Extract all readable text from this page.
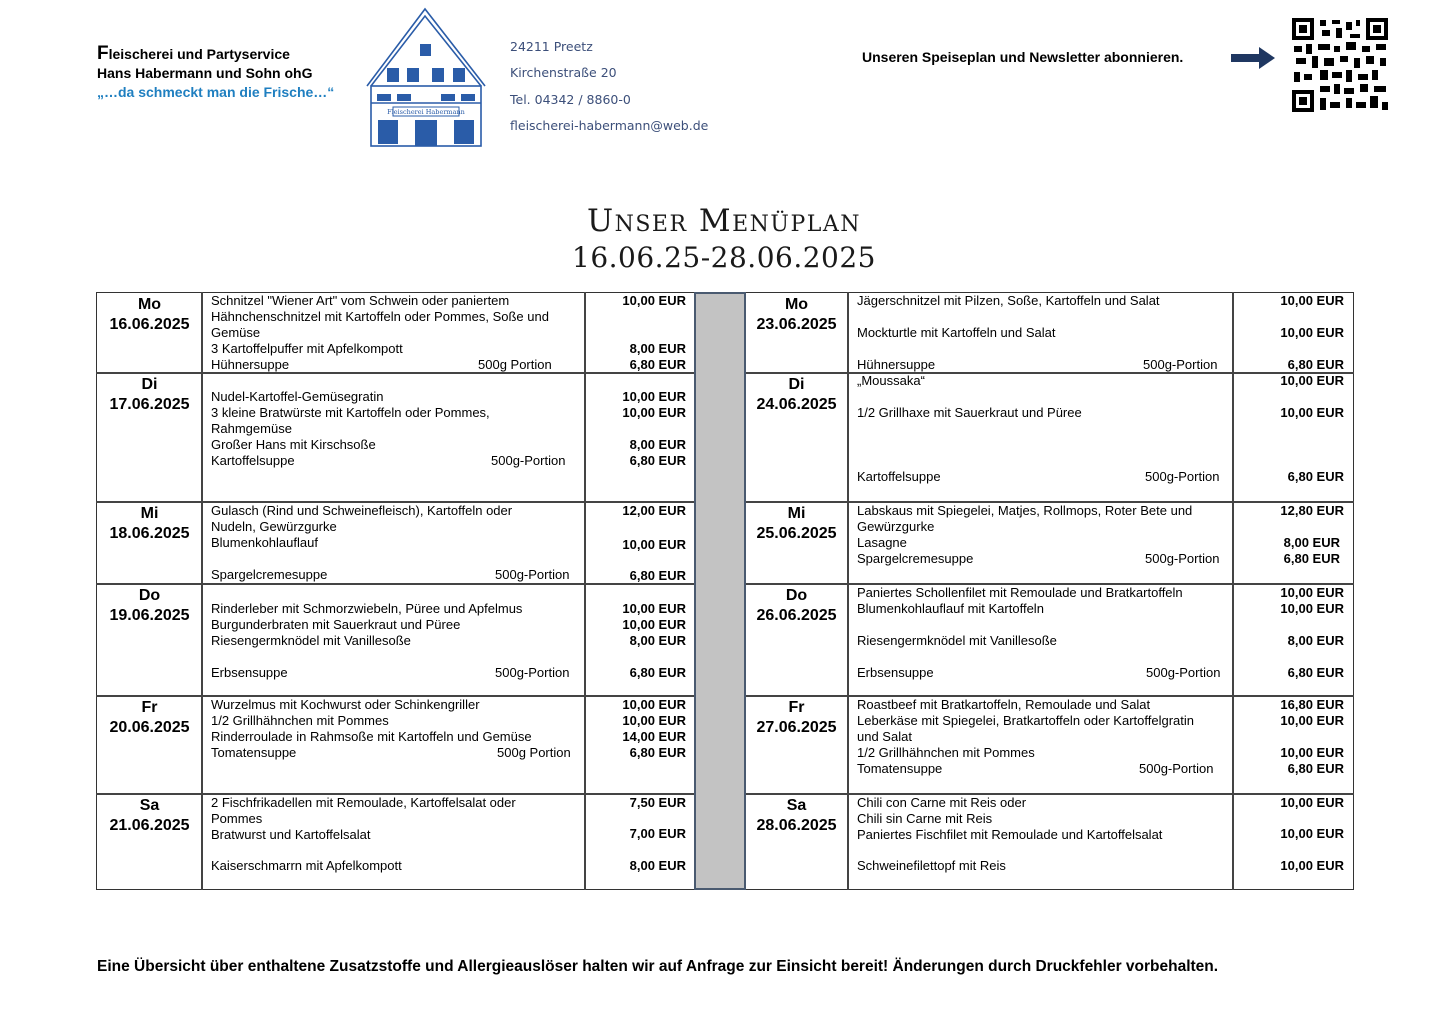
Fleischerei und Partyservice
Hans Habermann und Sohn ohG
„…da schmeckt man die Frische…“
Fleischerei Habermann
24211 Preetz
Kirchenstraße 20
Tel. 04342 / 8860-0
fleischerei-habermann@web.de
Unseren Speiseplan und Newsletter abonnieren.
Unser Menüplan
16.06.25-28.06.2025
Mo
16.06.2025
Di
17.06.2025
Mi
18.06.2025
Do
19.06.2025
Fr
20.06.2025
Sa
21.06.2025
Schnitzel "Wiener Art" vom Schwein oder paniertem
Hähnchenschnitzel mit Kartoffeln oder Pommes, Soße und
Gemüse
3 Kartoffelpuffer mit Apfelkompott
Hühnersuppe
Nudel-Kartoffel-Gemüsegratin
3 kleine Bratwürste mit Kartoffeln oder Pommes,
Rahmgemüse
Großer Hans mit Kirschsoße
Kartoffelsuppe
Gulasch (Rind und Schweinefleisch), Kartoffeln oder
Nudeln, Gewürzgurke
Blumenkohlauflauf
Spargelcremesuppe
Rinderleber mit Schmorzwiebeln, Püree und Apfelmus
Burgunderbraten mit Sauerkraut und Püree
Riesengermknödel mit Vanillesoße
Erbsensuppe
Wurzelmus mit Kochwurst oder Schinkengriller
1/2 Grillhähnchen mit Pommes
Rinderroulade in Rahmsoße mit Kartoffeln und Gemüse
Tomatensuppe
2 Fischfrikadellen mit Remoulade, Kartoffelsalat oder
Pommes
Bratwurst und Kartoffelsalat
Kaiserschmarrn mit Apfelkompott
500g Portion
500g-Portion
500g-Portion
500g-Portion
500g Portion
10,00 EUR
8,00 EUR
6,80 EUR
10,00 EUR
10,00 EUR
8,00 EUR
6,80 EUR
12,00 EUR
10,00 EUR
6,80 EUR
10,00 EUR
10,00 EUR
8,00 EUR
6,80 EUR
10,00 EUR
10,00 EUR
14,00 EUR
6,80 EUR
7,50 EUR
7,00 EUR
8,00 EUR
Mo
23.06.2025
Di
24.06.2025
Mi
25.06.2025
Do
26.06.2025
Fr
27.06.2025
Sa
28.06.2025
Jägerschnitzel mit Pilzen, Soße, Kartoffeln und Salat
Mockturtle mit Kartoffeln und Salat
Hühnersuppe
„Moussaka“
1/2 Grillhaxe mit Sauerkraut und Püree
Kartoffelsuppe
Labskaus mit Spiegelei, Matjes, Rollmops, Roter Bete und
Gewürzgurke
Lasagne
Spargelcremesuppe
Paniertes Schollenfilet mit Remoulade und Bratkartoffeln
Blumenkohlauflauf mit Kartoffeln
Riesengermknödel mit Vanillesoße
Erbsensuppe
Roastbeef mit Bratkartoffeln, Remoulade und Salat
Leberkäse mit Spiegelei, Bratkartoffeln oder Kartoffelgratin
und Salat
1/2 Grillhähnchen mit Pommes
Tomatensuppe
Chili con Carne mit Reis oder
Chili sin Carne mit Reis
Paniertes Fischfilet mit Remoulade und Kartoffelsalat
Schweinefilettopf mit Reis
500g-Portion
500g-Portion
500g-Portion
500g-Portion
500g-Portion
10,00 EUR
10,00 EUR
6,80 EUR
10,00 EUR
10,00 EUR
6,80 EUR
12,80 EUR
8,00 EUR
6,80 EUR
10,00 EUR
10,00 EUR
8,00 EUR
6,80 EUR
16,80 EUR
10,00 EUR
10,00 EUR
6,80 EUR
10,00 EUR
10,00 EUR
10,00 EUR
Eine Übersicht über enthaltene Zusatzstoffe und Allergieauslöser halten wir auf Anfrage zur Einsicht bereit! Änderungen durch Druckfehler vorbehalten.
